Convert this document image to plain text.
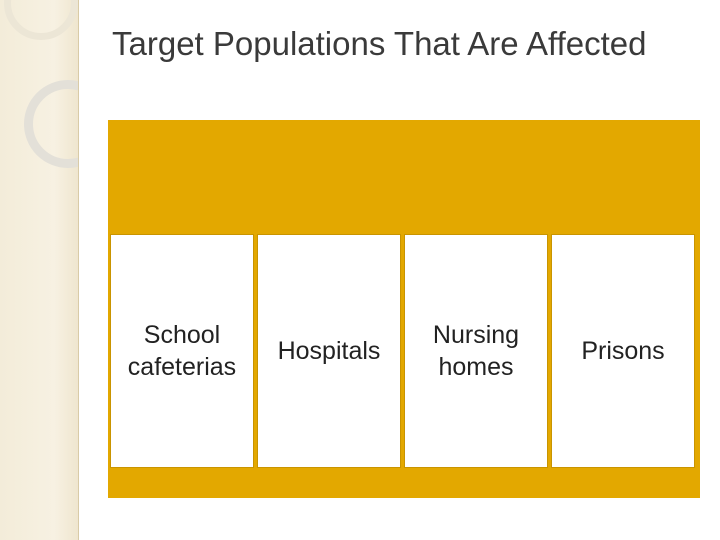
Target Populations That Are Affected
School
cafeterias
Hospitals
Nursing
homes
Prisons
